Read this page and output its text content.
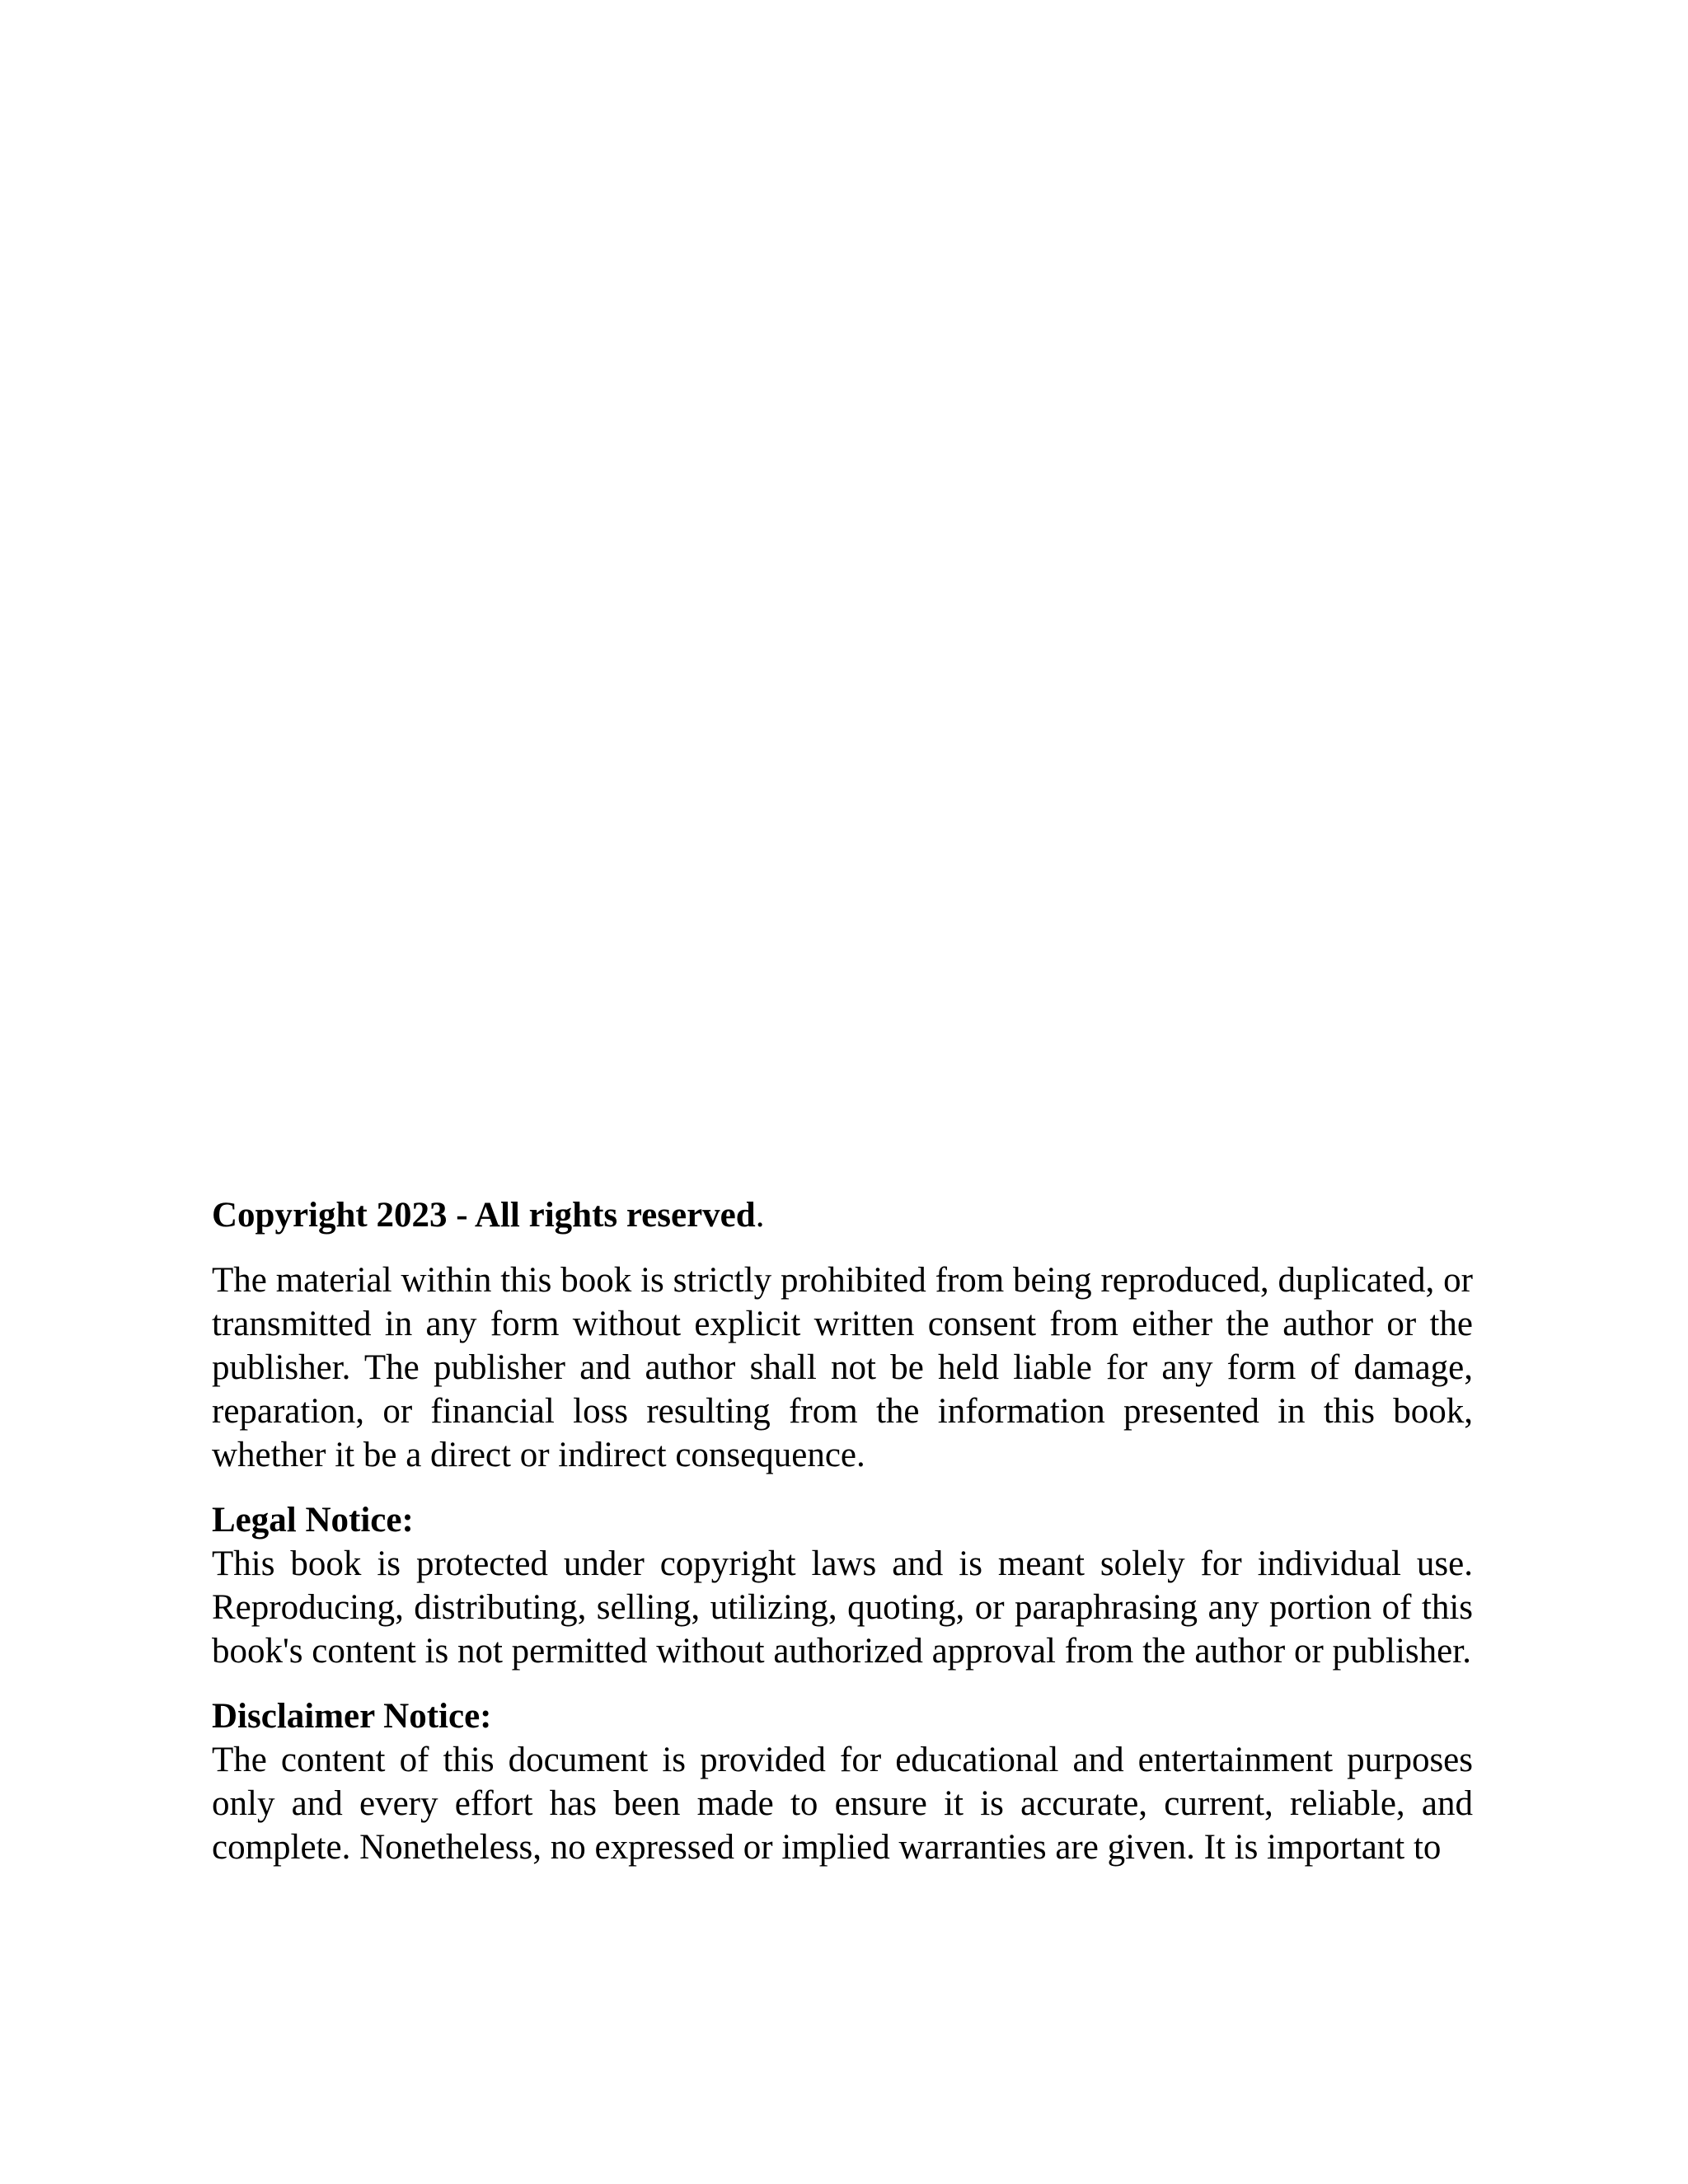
Copyright 2023 - All rights reserved.

The material within this book is strictly prohibited from being reproduced, duplicated, or transmitted in any form without explicit written consent from either the author or the publisher. The publisher and author shall not be held liable for any form of damage, reparation, or financial loss resulting from the information presented in this book, whether it be a direct or indirect consequence.

Legal Notice:

This book is protected under copyright laws and is meant solely for individual use. Reproducing, distributing, selling, utilizing, quoting, or paraphrasing any portion of this book's content is not permitted without authorized approval from the author or publisher.

Disclaimer Notice:

The content of this document is provided for educational and entertainment purposes only and every effort has been made to ensure it is accurate, current, reliable, and complete. Nonetheless, no expressed or implied warranties are given. It is important to
